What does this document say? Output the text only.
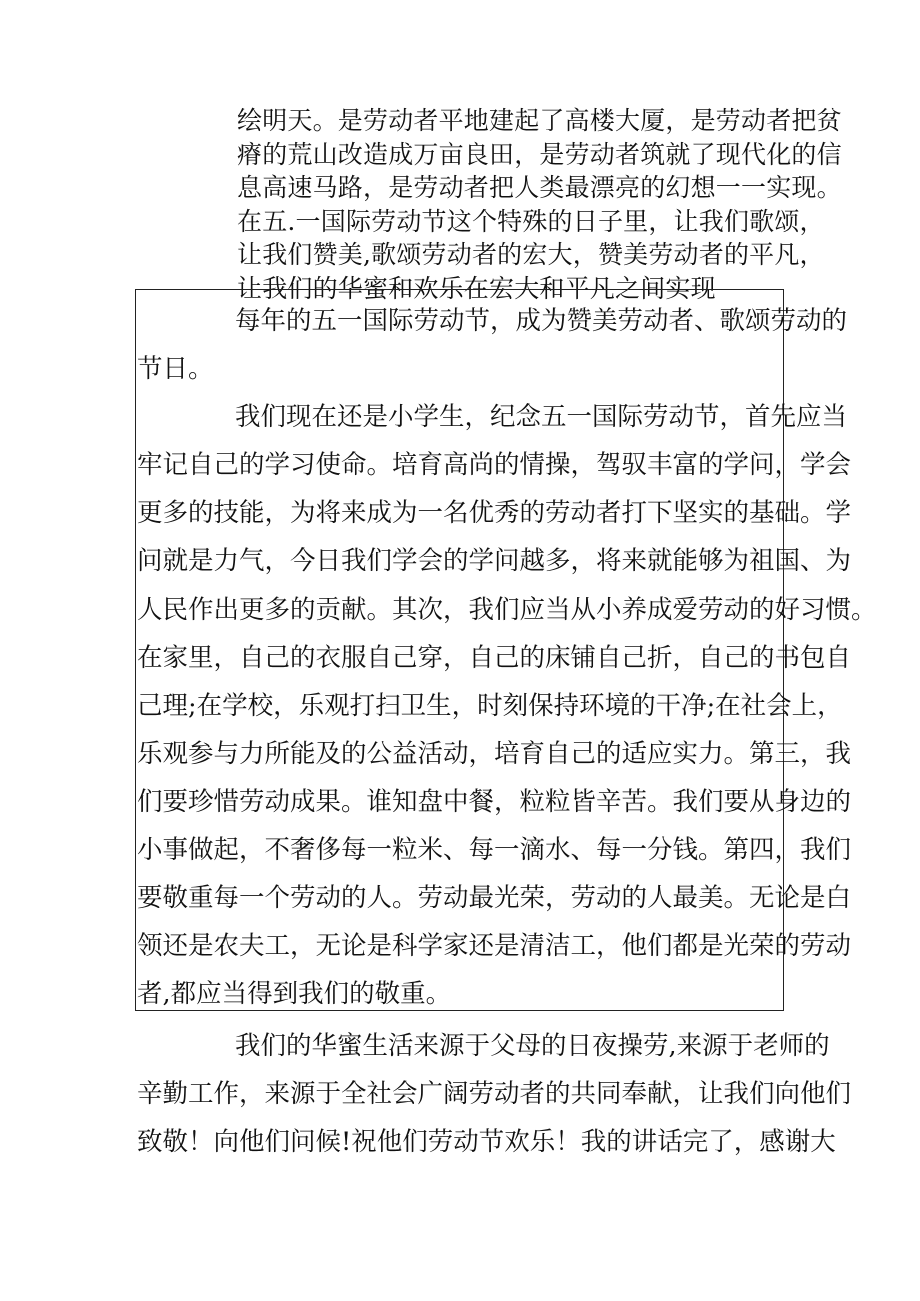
绘明天。是劳动者平地建起了高楼大厦，是劳动者把贫
瘠的荒山改造成万亩良田，是劳动者筑就了现代化的信
息高速马路，是劳动者把人类最漂亮的幻想一一实现。
在五.一国际劳动节这个特殊的日子里，让我们歌颂，
让我们赞美,歌颂劳动者的宏大，赞美劳动者的平凡，
让我们的华蜜和欢乐在宏大和平凡之间实现
每年的五一国际劳动节，成为赞美劳动者、歌颂劳动的
节日。
我们现在还是小学生，纪念五一国际劳动节，首先应当
牢记自己的学习使命。培育高尚的情操，驾驭丰富的学问，学会
更多的技能，为将来成为一名优秀的劳动者打下坚实的基础。学
问就是力气，今日我们学会的学问越多，将来就能够为祖国、为
人民作出更多的贡献。其次，我们应当从小养成爱劳动的好习惯。
在家里，自己的衣服自己穿，自己的床铺自己折，自己的书包自
己理;在学校，乐观打扫卫生，时刻保持环境的干净;在社会上，
乐观参与力所能及的公益活动，培育自己的适应实力。第三，我
们要珍惜劳动成果。谁知盘中餐，粒粒皆辛苦。我们要从身边的
小事做起，不奢侈每一粒米、每一滴水、每一分钱。第四，我们
要敬重每一个劳动的人。劳动最光荣，劳动的人最美。无论是白
领还是农夫工，无论是科学家还是清洁工，他们都是光荣的劳动
者,都应当得到我们的敬重。
我们的华蜜生活来源于父母的日夜操劳,来源于老师的
辛勤工作，来源于全社会广阔劳动者的共同奉献，让我们向他们
致敬！向他们问候!祝他们劳动节欢乐！我的讲话完了，感谢大
